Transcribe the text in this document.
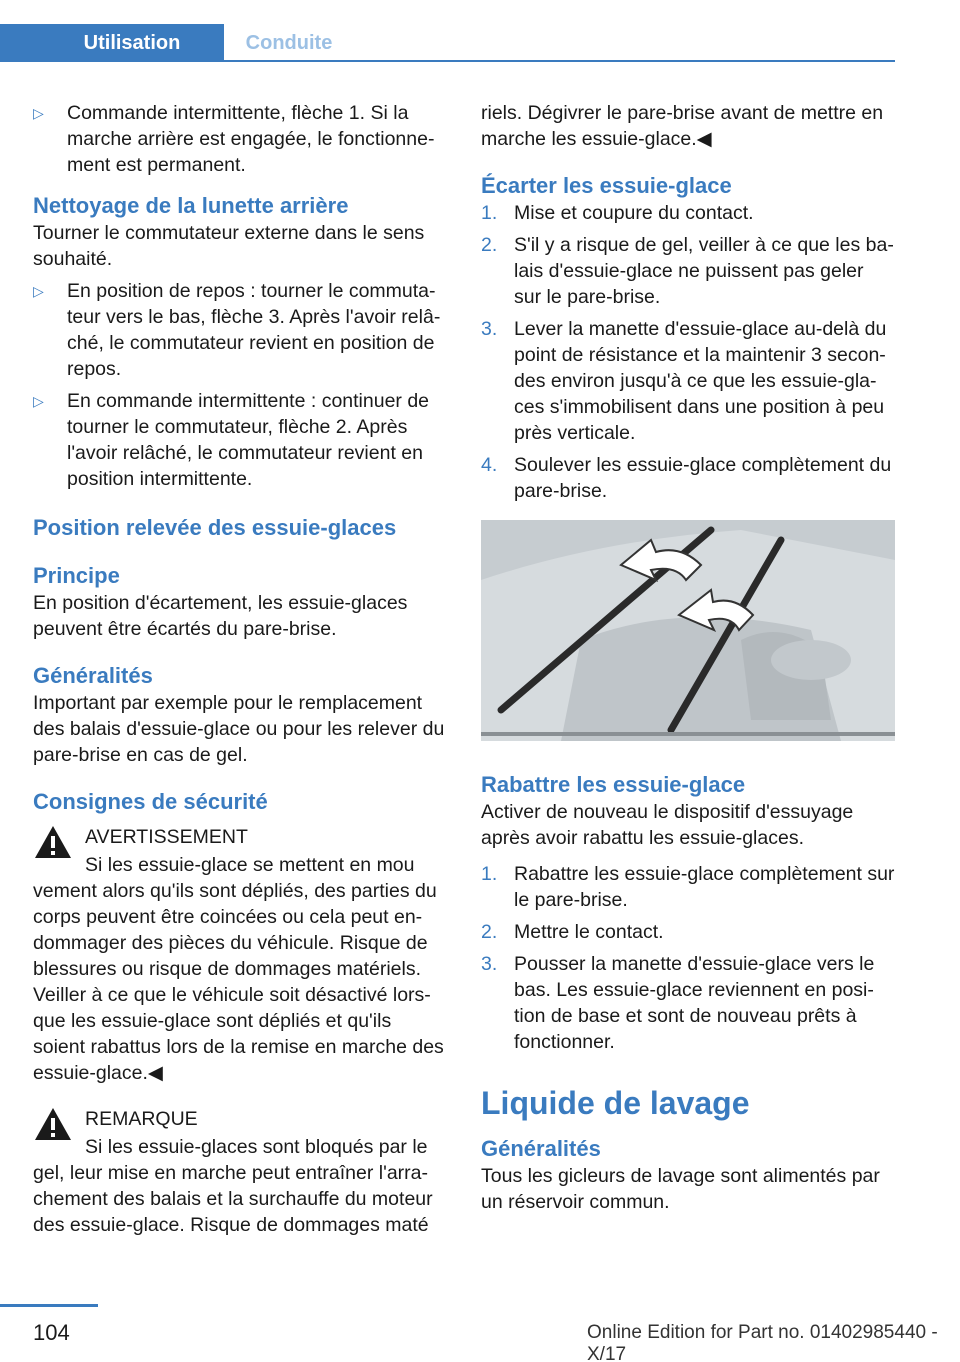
Utilisation	Conduite
▷ Commande intermittente, flèche 1. Si la marche arrière est engagée, le fonctionnement est permanent.
Nettoyage de la lunette arrière

Tourner le commutateur externe dans le sens souhaité.

▷ En position de repos : tourner le commutateur vers le bas, flèche 3. Après l'avoir relâché, le commutateur revient en position de repos.
▷ En commande intermittente : continuer de tourner le commutateur, flèche 2. Après l'avoir relâché, le commutateur revient en position intermittente.
Position relevée des essuie-glaces
Principe

En position d'écartement, les essuie-glaces peuvent être écartés du pare-brise.

Généralités

Important par exemple pour le remplacement des balais d'essuie-glace ou pour les relever du pare-brise en cas de gel.

Consignes de sécurité
AVERTISSEMENT
Si les essuie-glace se mettent en mou

vement alors qu'ils sont dépliés, des parties du corps peuvent être coincées ou cela peut endommager des pièces du véhicule. Risque de blessures ou risque de dommages matériels. Veiller à ce que le véhicule soit désactivé lorsque les essuie-glace sont dépliés et qu'ils soient rabattus lors de la remise en marche des essuie-glace.◀

REMARQUE
Si les essuie-glaces sont bloqués par le

gel, leur mise en marche peut entraîner l'arrachement des balais et la surchauffe du moteur des essuie-glace. Risque de dommages maté

riels. Dégivrer le pare-brise avant de mettre en marche les essuie-glace.◀

Écarter les essuie-glace
1. Mise et coupure du contact.
2. S'il y a risque de gel, veiller à ce que les balais d'essuie-glace ne puissent pas geler sur le pare-brise.
3. Lever la manette d'essuie-glace au-delà du point de résistance et la maintenir 3 secondes environ jusqu'à ce que les essuie-glaces s'immobilisent dans une position à peu près verticale.
4. Soulever les essuie-glace complètement du pare-brise.
Rabattre les essuie-glace

Activer de nouveau le dispositif d'essuyage après avoir rabattu les essuie-glaces.

1. Rabattre les essuie-glace complètement sur le pare-brise.
2. Mettre le contact.
3. Pousser la manette d'essuie-glace vers le bas. Les essuie-glace reviennent en position de base et sont de nouveau prêts à fonctionner.
Liquide de lavage
Généralités

Tous les gicleurs de lavage sont alimentés par un réservoir commun.

104	Online Edition for Part no. 01402985440 - X/17
